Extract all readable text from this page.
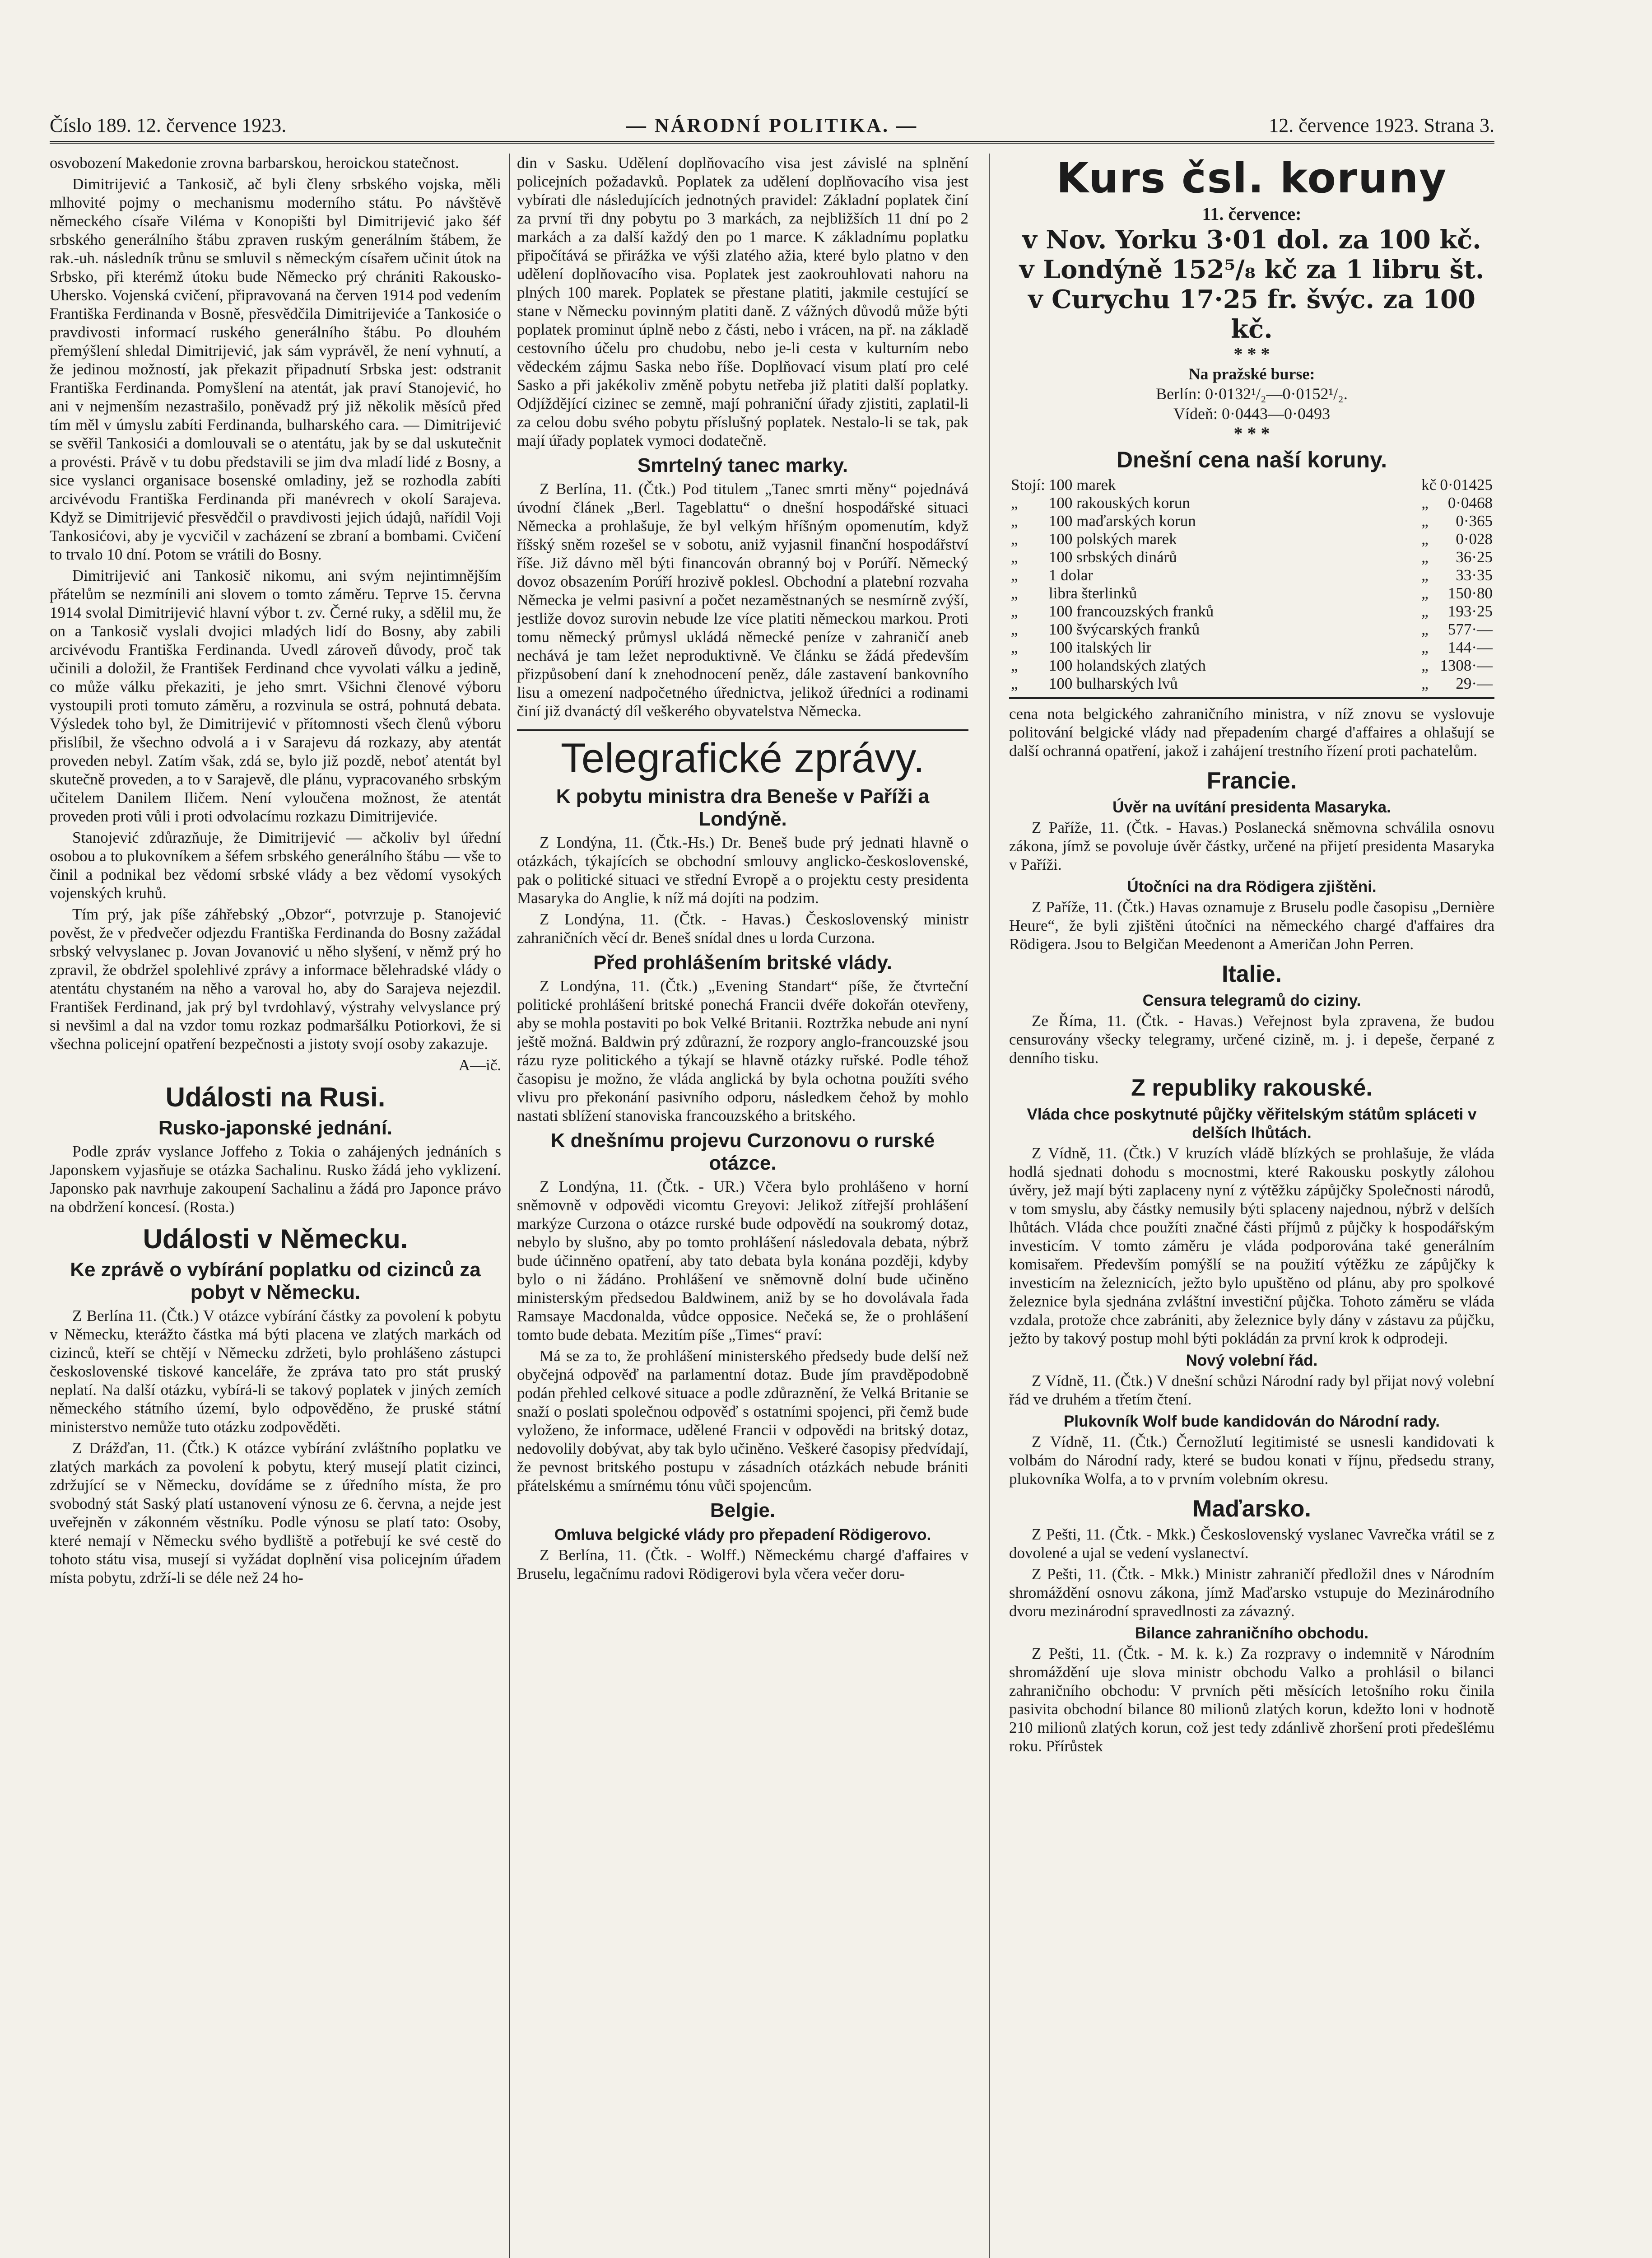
Číslo 189. 12. července 1923.	— NÁRODNÍ POLITIKA. —	12. července 1923. Strana 3.

osvobození Makedonie zrovna barbarskou, heroickou statečnost.

Dimitrijević a Tankosič, ač byli členy srbského vojska, měli mlhovité pojmy o mechanismu moderního státu. Po návštěvě německého císaře Viléma v Konopišti byl Dimitrijević jako šéf srbského generálního štábu zpraven ruským generálním štábem, že rak.-uh. následník trůnu se smluvil s německým císařem učinit útok na Srbsko, při kterémž útoku bude Německo prý chrániti Rakousko-Uhersko. Vojenská cvičení, připravovaná na červen 1914 pod vedením Františka Ferdinanda v Bosně, přesvědčila Dimitrijeviće a Tankosiće o pravdivosti informací ruského generálního štábu. Po dlouhém přemýšlení shledal Dimitrijević, jak sám vyprávěl, že není vyhnutí, a že jedinou možností, jak překazit připadnutí Srbska jest: odstranit Františka Ferdinanda. Pomyšlení na atentát, jak praví Stanojević, ho ani v nejmenším nezastrašilo, poněvadž prý již několik měsíců před tím měl v úmyslu zabíti Ferdinanda, bulharského cara. — Dimitrijević se svěřil Tankosići a domlouvali se o atentátu, jak by se dal uskutečnit a provésti. Právě v tu dobu představili se jim dva mladí lidé z Bosny, a sice vyslanci organisace bosenské omladiny, jež se rozhodla zabíti arcivévodu Františka Ferdinanda při manévrech v okolí Sarajeva. Když se Dimitrijević přesvědčil o pravdivosti jejich údajů, nařídil Voji Tankosićovi, aby je vycvičil v zacházení se zbraní a bombami. Cvičení to trvalo 10 dní. Potom se vrátili do Bosny.

Dimitrijević ani Tankosič nikomu, ani svým nejintimnějším přátelům se nezmínili ani slovem o tomto záměru. Teprve 15. června 1914 svolal Dimitrijević hlavní výbor t. zv. Černé ruky, a sdělil mu, že on a Tankosič vyslali dvojici mladých lidí do Bosny, aby zabili arcivévodu Františka Ferdinanda. Uvedl zároveň důvody, proč tak učinili a doložil, že František Ferdinand chce vyvolati válku a jedině, co může válku překaziti, je jeho smrt. Všichni členové výboru vystoupili proti tomuto záměru, a rozvinula se ostrá, pohnutá debata. Výsledek toho byl, že Dimitrijević v přítomnosti všech členů výboru přislíbil, že všechno odvolá a i v Sarajevu dá rozkazy, aby atentát proveden nebyl. Zatím však, zdá se, bylo již pozdě, neboť atentát byl skutečně proveden, a to v Sarajevě, dle plánu, vypracovaného srbským učitelem Danilem Iličem. Není vyloučena možnost, že atentát proveden proti vůli i proti odvolacímu rozkazu Dimitrijeviće.

Stanojević zdůrazňuje, že Dimitrijević — ačkoliv byl úřední osobou a to plukovníkem a šéfem srbského generálního štábu — vše to činil a podnikal bez vědomí srbské vlády a bez vědomí vysokých vojenských kruhů.

Tím prý, jak píše záhřebský „Obzor“, potvrzuje p. Stanojević pověst, že v předvečer odjezdu Františka Ferdinanda do Bosny zažádal srbský velvyslanec p. Jovan Jovanović u něho slyšení, v němž prý ho zpravil, že obdržel spolehlivé zprávy a informace bělehradské vlády o atentátu chystaném na něho a varoval ho, aby do Sarajeva nejezdil. František Ferdinand, jak prý byl tvrdohlavý, výstrahy velvyslance prý si nevšiml a dal na vzdor tomu rozkaz podmaršálku Potiorkovi, že si všechna policejní opatření bezpečnosti a jistoty svojí osoby zakazuje.

A—ič.
Události na Rusi.
Rusko-japonské jednání.

Podle zpráv vyslance Joffeho z Tokia o zahájených jednáních s Japonskem vyjasňuje se otázka Sachalinu. Rusko žádá jeho vyklizení. Japonsko pak navrhuje zakoupení Sachalinu a žádá pro Japonce právo na obdržení koncesí. (Rosta.)

Události v Německu.
Ke zprávě o vybírání poplatku od cizinců za pobyt v Německu.

Z Berlína 11. (Čtk.) V otázce vybírání částky za povolení k pobytu v Německu, kterážto částka má býti placena ve zlatých markách od cizinců, kteří se chtějí v Německu zdržeti, bylo prohlášeno zástupci československé tiskové kanceláře, že zpráva tato pro stát pruský neplatí. Na další otázku, vybírá-li se takový poplatek v jiných zemích německého státního území, bylo odpověděno, že pruské státní ministerstvo nemůže tuto otázku zodpověděti.

Z Drážďan, 11. (Čtk.) K otázce vybírání zvláštního poplatku ve zlatých markách za povolení k pobytu, který musejí platit cizinci, zdržující se v Německu, dovídáme se z úředního místa, že pro svobodný stát Saský platí ustanovení výnosu ze 6. června, a nejde jest uveřejněn v zákonném věstníku. Podle výnosu se platí tato: Osoby, které nemají v Německu svého bydliště a potřebují ke své cestě do tohoto státu visa, musejí si vyžádat doplnění visa policejním úřadem místa pobytu, zdrží-li se déle než 24 ho-

din v Sasku. Udělení doplňovacího visa jest závislé na splnění policejních požadavků. Poplatek za udělení doplňovacího visa jest vybírati dle následujících jednotných pravidel: Základní poplatek činí za první tři dny pobytu po 3 markách, za nejbližších 11 dní po 2 markách a za další každý den po 1 marce. K základnímu poplatku připočítává se přirážka ve výši zlatého ažia, které bylo platno v den udělení doplňovacího visa. Poplatek jest zaokrouhlovati nahoru na plných 100 marek. Poplatek se přestane platiti, jakmile cestující se stane v Německu povinným platiti daně. Z vážných důvodů může býti poplatek prominut úplně nebo z části, nebo i vrácen, na př. na základě cestovního účelu pro chudobu, nebo je-li cesta v kulturním nebo vědeckém zájmu Saska nebo říše. Doplňovací visum platí pro celé Sasko a při jakékoliv změně pobytu netřeba již platiti další poplatky. Odjíždějící cizinec se zemně, mají pohraniční úřady zjistiti, zaplatil-li za celou dobu svého pobytu příslušný poplatek. Nestalo-li se tak, pak mají úřady poplatek vymoci dodatečně.

Smrtelný tanec marky.

Z Berlína, 11. (Čtk.) Pod titulem „Tanec smrti měny“ pojednává úvodní článek „Berl. Tageblattu“ o dnešní hospodářské situaci Německa a prohlašuje, že byl velkým hříšným opomenutím, když říšský sněm rozešel se v sobotu, aniž vyjasnil finanční hospodářství říše. Již dávno měl býti financován obranný boj v Porúří. Německý dovoz obsazením Porúří hrozivě poklesl. Obchodní a platební rozvaha Německa je velmi pasivní a počet nezaměstnaných se nesmírně zvýší, jestliže dovoz surovin nebude lze více platiti německou markou. Proti tomu německý průmysl ukládá německé peníze v zahraničí aneb nechává je tam ležet neproduktivně. Ve článku se žádá především přizpůsobení daní k znehodnocení peněz, dále zastavení bankovního lisu a omezení nadpočetného úřednictva, jelikož úředníci a rodinami činí již dvanáctý díl veškerého obyvatelstva Německa.

Telegrafické zprávy.
K pobytu ministra dra Beneše v Paříži a Londýně.

Z Londýna, 11. (Čtk.-Hs.) Dr. Beneš bude prý jednati hlavně o otázkách, týkajících se obchodní smlouvy anglicko-československé, pak o politické situaci ve střední Evropě a o projektu cesty presidenta Masaryka do Anglie, k níž má dojíti na podzim.

Z Londýna, 11. (Čtk. - Havas.) Československý ministr zahraničních věcí dr. Beneš snídal dnes u lorda Curzona.

Před prohlášením britské vlády.

Z Londýna, 11. (Čtk.) „Evening Standart“ píše, že čtvrteční politické prohlášení britské ponechá Francii dvéře dokořán otevřeny, aby se mohla postaviti po bok Velké Britanii. Roztržka nebude ani nyní ještě možná. Baldwin prý zdůrazní, že rozpory anglo-francouzské jsou rázu ryze politického a týkají se hlavně otázky ruřské. Podle téhož časopisu je možno, že vláda anglická by byla ochotna použíti svého vlivu pro překonání pasivního odporu, následkem čehož by mohlo nastati sblížení stanoviska francouzského a britského.

K dnešnímu projevu Curzonovu o rurské otázce.

Z Londýna, 11. (Čtk. - UR.) Včera bylo prohlášeno v horní sněmovně v odpovědi vicomtu Greyovi: Jelikož zítřejší prohlášení markýze Curzona o otázce rurské bude odpovědí na soukromý dotaz, nebylo by slušno, aby po tomto prohlášení následovala debata, nýbrž bude účinněno opatření, aby tato debata byla konána později, kdyby bylo o ni žádáno. Prohlášení ve sněmovně dolní bude učiněno ministerským předsedou Baldwinem, aniž by se ho dovolávala řada Ramsaye Macdonalda, vůdce opposice. Nečeká se, že o prohlášení tomto bude debata. Mezitím píše „Times“ praví:

Má se za to, že prohlášení ministerského předsedy bude delší než obyčejná odpověď na parlamentní dotaz. Bude jím pravděpodobně podán přehled celkové situace a podle zdůraznění, že Velká Britanie se snaží o poslati společnou odpověď s ostatními spojenci, při čemž bude vyloženo, že informace, udělené Francii v odpovědi na britský dotaz, nedovolily dobývat, aby tak bylo učiněno. Veškeré časopisy předvídají, že pevnost britského postupu v zásadních otázkách nebude brániti přátelskému a smírnému tónu vůči spojencům.

Belgie.
Omluva belgické vlády pro přepadení Rödigerovo.

Z Berlína, 11. (Čtk. - Wolff.) Německému chargé d'affaires v Bruselu, legačnímu radovi Rödigerovi byla včera večer doru-

Kurs čsl. koruny
11. července:
v Nov. Yorku 3·01 dol. za 100 kč.
v Londýně 152⁵/₈ kč za 1 libru št.
v Curychu 17·25 fr. švýc. za 100 kč.
* * *
Na pražské burse:
Berlín: 0·0132¹/₂—0·0152¹/₂.
Vídeň: 0·0443—0·0493
* * *
Dnešní cena naší koruny.
Stojí:	100 marek	kč	0·01425
„	100 rakouských korun	„	0·0468
„	100 maďarských korun	„	0·365
„	100 polských marek	„	0·028
„	100 srbských dinárů	„	36·25
„	1 dolar	„	33·35
„	libra šterlinků	„	150·80
„	100 francouzských franků	„	193·25
„	100 švýcarských franků	„	577·—
„	100 italských lir	„	144·—
„	100 holandských zlatých	„	1308·—
„	100 bulharských lvů	„	29·—

cena nota belgického zahraničního ministra, v níž znovu se vyslovuje politování belgické vlády nad přepadením chargé d'affaires a ohlašují se další ochranná opatření, jakož i zahájení trestního řízení proti pachatelům.

Francie.
Úvěr na uvítání presidenta Masaryka.

Z Paříže, 11. (Čtk. - Havas.) Poslanecká sněmovna schválila osnovu zákona, jímž se povoluje úvěr částky, určené na přijetí presidenta Masaryka v Paříži.

Útočníci na dra Rödigera zjištěni.

Z Paříže, 11. (Čtk.) Havas oznamuje z Bruselu podle časopisu „Dernière Heure“, že byli zjištěni útočníci na německého chargé d'affaires dra Rödigera. Jsou to Belgičan Meedenont a Američan John Perren.

Italie.
Censura telegramů do ciziny.

Ze Říma, 11. (Čtk. - Havas.) Veřejnost byla zpravena, že budou censurovány všecky telegramy, určené cizině, m. j. i depeše, čerpané z denního tisku.

Z republiky rakouské.
Vláda chce poskytnuté půjčky věřitelským státům spláceti v delších lhůtách.

Z Vídně, 11. (Čtk.) V kruzích vládě blízkých se prohlašuje, že vláda hodlá sjednati dohodu s mocnostmi, které Rakousku poskytly zálohou úvěry, jež mají býti zaplaceny nyní z výtěžku zápůjčky Společnosti národů, v tom smyslu, aby částky nemusily býti splaceny najednou, nýbrž v delších lhůtách. Vláda chce použíti značné části příjmů z půjčky k hospodářským investicím. V tomto záměru je vláda podporována také generálním komisařem. Především pomýšlí se na použití výtěžku ze zápůjčky k investicím na železnicích, ježto bylo upuštěno od plánu, aby pro spolkové železnice byla sjednána zvláštní investiční půjčka. Tohoto záměru se vláda vzdala, protože chce zabrániti, aby železnice byly dány v zástavu za půjčku, ježto by takový postup mohl býti pokládán za první krok k odprodeji.

Nový volební řád.

Z Vídně, 11. (Čtk.) V dnešní schůzi Národní rady byl přijat nový volební řád ve druhém a třetím čtení.

Plukovník Wolf bude kandidován do Národní rady.

Z Vídně, 11. (Čtk.) Černožlutí legitimisté se usnesli kandidovati k volbám do Národní rady, které se budou konati v říjnu, předsedu strany, plukovníka Wolfa, a to v prvním volebním okresu.

Maďarsko.

Z Pešti, 11. (Čtk. - Mkk.) Československý vyslanec Vavrečka vrátil se z dovolené a ujal se vedení vyslanectví.

Z Pešti, 11. (Čtk. - Mkk.) Ministr zahraničí předložil dnes v Národním shromáždění osnovu zákona, jímž Maďarsko vstupuje do Mezinárodního dvoru mezinárodní spravedlnosti za závazný.

Bilance zahraničního obchodu.

Z Pešti, 11. (Čtk. - M. k. k.) Za rozpravy o indemnitě v Národním shromáždění uje slova ministr obchodu Valko a prohlásil o bilanci zahraničního obchodu: V prvních pěti měsících letošního roku činila pasivita obchodní bilance 80 milionů zlatých korun, kdežto loni v hodnotě 210 milionů zlatých korun, což jest tedy zdánlivě zhoršení proti předešlému roku. Přírůstek
